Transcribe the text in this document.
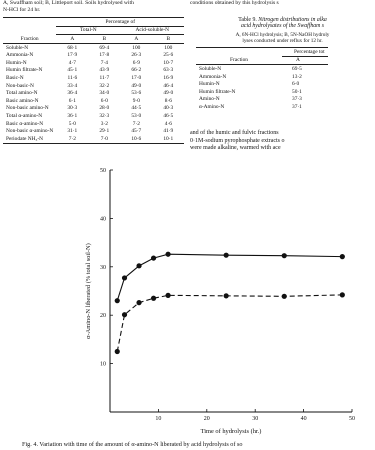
A, Swaffham soil; B, Littleport soil. Soils hydrolysed with
N-HCl for 24 hr.
	Percentage of			
	Total-N		Acid-soluble-N	
Fraction	A	B	A	B
Soluble-N	68·1	69·4	100	100
Ammonia-N	17·9	17·8	26·3	25·6
Humin-N	4·7	7·4	6·9	10·7
Humin filtrate-N	45·1	43·9	66·2	63·3
Basic-N	11·6	11·7	17·0	16·9
Non-basic-N	33·4	32·2	49·0	46·4
Total amino-N	36·4	34·0	53·6	49·0
Basic amino-N	6·1	6·0	9·0	8·6
Non-basic amino-N	30·3	28·0	44·5	40·3
Total α-amino-N	36·1	32·3	53·0	46·5
Basic α-amino-N	5·0	3·2	7·2	4·6
Non-basic α-amino-N	31·1	29·1	45·7	41·9
Periodate NH₃-N	7·2	7·0	10·6	10·1
conditions obtained by this hydrolysis s
Table 9. Nitrogen distributions in alka
acid hydrolysates of the Swaffham s
A, 6N-HCl hydrolysis; B, 5N-NaOH hydroly
lyses conducted under reflux for 12 hr.
	Percentage tot
Fraction	A
Soluble-N	69·5
Ammonia-N	13·2
Humin-N	6·0
Humin filtrate-N	50·1
Amino-N	37·3
α-Amino-N	37·1
and of the humic and fulvic fractions
0·1M-sodium pyrophosphate extracts o
were made alkaline, warmed with ace
10	20	30	40	50
10
20
30
40
50
α-Amino-N liberated (% total soil-N)
Time of hydrolysis (hr.)
Fig. 4. Variation with time of the amount of α-amino-N liberated by acid hydrolysis of so
